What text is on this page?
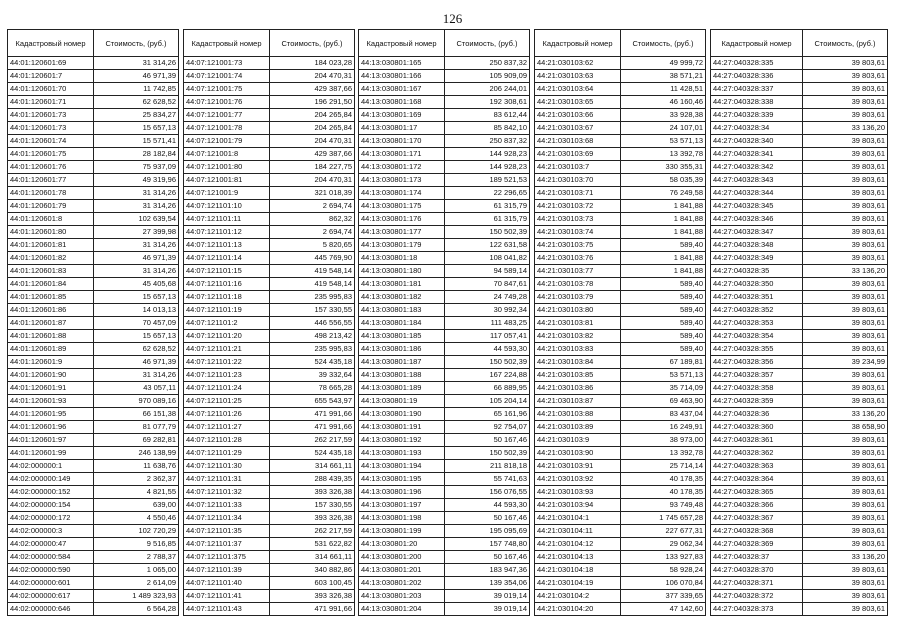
126
Кадастровый номер	Стоимость, (руб.)
44:01:120601:69	31 314,26
44:01:120601:7	46 971,39
44:01:120601:70	11 742,85
44:01:120601:71	62 628,52
44:01:120601:73	25 834,27
44:01:120601:73	15 657,13
44:01:120601:74	15 571,41
44:01:120601:75	28 182,84
44:01:120601:76	75 937,09
44:01:120601:77	49 319,96
44:01:120601:78	31 314,26
44:01:120601:79	31 314,26
44:01:120601:8	102 639,54
44:01:120601:80	27 399,98
44:01:120601:81	31 314,26
44:01:120601:82	46 971,39
44:01:120601:83	31 314,26
44:01:120601:84	45 405,68
44:01:120601:85	15 657,13
44:01:120601:86	14 013,13
44:01:120601:87	70 457,09
44:01:120601:88	15 657,13
44:01:120601:89	62 628,52
44:01:120601:9	46 971,39
44:01:120601:90	31 314,26
44:01:120601:91	43 057,11
44:01:120601:93	970 089,16
44:01:120601:95	66 151,38
44:01:120601:96	81 077,79
44:01:120601:97	69 282,81
44:01:120601:99	246 138,99
44:02:000000:1	11 638,76
44:02:000000:149	2 362,37
44:02:000000:152	4 821,55
44:02:000000:154	639,00
44:02:000000:172	4 550,46
44:02:000000:3	102 720,29
44:02:000000:47	9 516,85
44:02:000000:584	2 788,37
44:02:000000:590	1 065,00
44:02:000000:601	2 614,09
44:02:000000:617	1 489 323,93
44:02:000000:646	6 564,28
Кадастровый номер	Стоимость, (руб.)
44:07:121001:73	184 023,28
44:07:121001:74	204 470,31
44:07:121001:75	429 387,66
44:07:121001:76	196 291,50
44:07:121001:77	204 265,84
44:07:121001:78	204 265,84
44:07:121001:79	204 470,31
44:07:121001:8	429 387,66
44:07:121001:80	184 227,75
44:07:121001:81	204 470,31
44:07:121001:9	321 018,39
44:07:121101:10	2 694,74
44:07:121101:11	862,32
44:07:121101:12	2 694,74
44:07:121101:13	5 820,65
44:07:121101:14	445 769,90
44:07:121101:15	419 548,14
44:07:121101:16	419 548,14
44:07:121101:18	235 995,83
44:07:121101:19	157 330,55
44:07:121101:2	446 556,55
44:07:121101:20	498 213,42
44:07:121101:21	235 995,83
44:07:121101:22	524 435,18
44:07:121101:23	39 332,64
44:07:121101:24	78 665,28
44:07:121101:25	655 543,97
44:07:121101:26	471 991,66
44:07:121101:27	471 991,66
44:07:121101:28	262 217,59
44:07:121101:29	524 435,18
44:07:121101:30	314 661,11
44:07:121101:31	288 439,35
44:07:121101:32	393 326,38
44:07:121101:33	157 330,55
44:07:121101:34	393 326,38
44:07:121101:35	262 217,59
44:07:121101:37	531 622,82
44:07:121101:375	314 661,11
44:07:121101:39	340 882,86
44:07:121101:40	603 100,45
44:07:121101:41	393 326,38
44:07:121101:43	471 991,66
Кадастровый номер	Стоимость, (руб.)
44:13:030801:165	250 837,32
44:13:030801:166	105 909,09
44:13:030801:167	206 244,01
44:13:030801:168	192 308,61
44:13:030801:169	83 612,44
44:13:030801:17	85 842,10
44:13:030801:170	250 837,32
44:13:030801:171	144 928,23
44:13:030801:172	144 928,23
44:13:030801:173	189 521,53
44:13:030801:174	22 296,65
44:13:030801:175	61 315,79
44:13:030801:176	61 315,79
44:13:030801:177	150 502,39
44:13:030801:179	122 631,58
44:13:030801:18	108 041,82
44:13:030801:180	94 589,14
44:13:030801:181	70 847,61
44:13:030801:182	24 749,28
44:13:030801:183	30 992,34
44:13:030801:184	111 483,25
44:13:030801:185	117 057,41
44:13:030801:186	44 593,30
44:13:030801:187	150 502,39
44:13:030801:188	167 224,88
44:13:030801:189	66 889,95
44:13:030801:19	105 204,14
44:13:030801:190	65 161,96
44:13:030801:191	92 754,07
44:13:030801:192	50 167,46
44:13:030801:193	150 502,39
44:13:030801:194	211 818,18
44:13:030801:195	55 741,63
44:13:030801:196	156 076,55
44:13:030801:197	44 593,30
44:13:030801:198	50 167,46
44:13:030801:199	195 095,69
44:13:030801:20	157 748,80
44:13:030801:200	50 167,46
44:13:030801:201	183 947,36
44:13:030801:202	139 354,06
44:13:030801:203	39 019,14
44:13:030801:204	39 019,14
Кадастровый номер	Стоимость, (руб.)
44:21:030103:62	49 999,72
44:21:030103:63	38 571,21
44:21:030103:64	11 428,51
44:21:030103:65	46 160,46
44:21:030103:66	33 928,38
44:21:030103:67	24 107,01
44:21:030103:68	53 571,13
44:21:030103:69	13 392,78
44:21:030103:7	330 355,31
44:21:030103:70	58 035,39
44:21:030103:71	76 249,58
44:21:030103:72	1 841,88
44:21:030103:73	1 841,88
44:21:030103:74	1 841,88
44:21:030103:75	589,40
44:21:030103:76	1 841,88
44:21:030103:77	1 841,88
44:21:030103:78	589,40
44:21:030103:79	589,40
44:21:030103:80	589,40
44:21:030103:81	589,40
44:21:030103:82	589,40
44:21:030103:83	589,40
44:21:030103:84	67 189,81
44:21:030103:85	53 571,13
44:21:030103:86	35 714,09
44:21:030103:87	69 463,90
44:21:030103:88	83 437,04
44:21:030103:89	16 249,91
44:21:030103:9	38 973,00
44:21:030103:90	13 392,78
44:21:030103:91	25 714,14
44:21:030103:92	40 178,35
44:21:030103:93	40 178,35
44:21:030103:94	93 749,48
44:21:030104:1	1 745 657,28
44:21:030104:11	227 677,31
44:21:030104:12	29 062,34
44:21:030104:13	133 927,83
44:21:030104:18	58 928,24
44:21:030104:19	106 070,84
44:21:030104:2	377 339,65
44:21:030104:20	47 142,60
Кадастровый номер	Стоимость, (руб.)
44:27:040328:335	39 803,61
44:27:040328:336	39 803,61
44:27:040328:337	39 803,61
44:27:040328:338	39 803,61
44:27:040328:339	39 803,61
44:27:040328:34	33 136,20
44:27:040328:340	39 803,61
44:27:040328:341	39 803,61
44:27:040328:342	39 803,61
44:27:040328:343	39 803,61
44:27:040328:344	39 803,61
44:27:040328:345	39 803,61
44:27:040328:346	39 803,61
44:27:040328:347	39 803,61
44:27:040328:348	39 803,61
44:27:040328:349	39 803,61
44:27:040328:35	33 136,20
44:27:040328:350	39 803,61
44:27:040328:351	39 803,61
44:27:040328:352	39 803,61
44:27:040328:353	39 803,61
44:27:040328:354	39 803,61
44:27:040328:355	39 803,61
44:27:040328:356	39 234,99
44:27:040328:357	39 803,61
44:27:040328:358	39 803,61
44:27:040328:359	39 803,61
44:27:040328:36	33 136,20
44:27:040328:360	38 658,90
44:27:040328:361	39 803,61
44:27:040328:362	39 803,61
44:27:040328:363	39 803,61
44:27:040328:364	39 803,61
44:27:040328:365	39 803,61
44:27:040328:366	39 803,61
44:27:040328:367	39 803,61
44:27:040328:368	39 803,61
44:27:040328:369	39 803,61
44:27:040328:37	33 136,20
44:27:040328:370	39 803,61
44:27:040328:371	39 803,61
44:27:040328:372	39 803,61
44:27:040328:373	39 803,61
